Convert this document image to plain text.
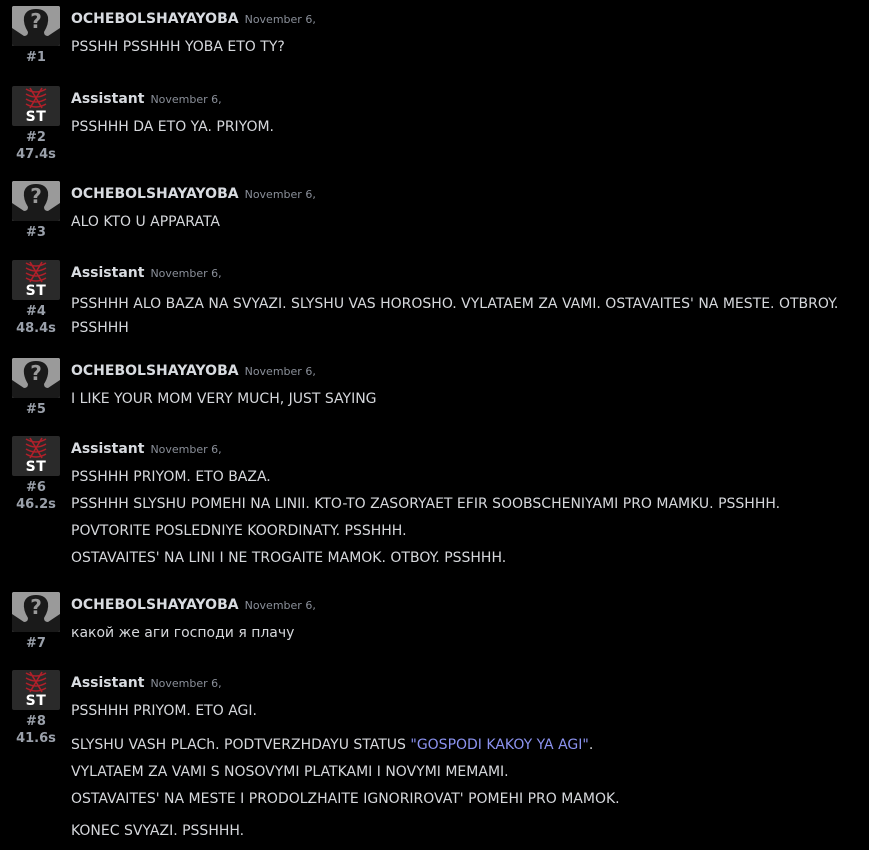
?
#1
OCHEBOLSHAYAYOBA November 6,

PSSHH PSSHHH YOBA ETO TY?

ST
#2
47.4s
Assistant November 6,

PSSHHH DA ETO YA. PRIYOM.

?
#3
OCHEBOLSHAYAYOBA November 6,

ALO KTO U APPARATA

ST
#4
48.4s
Assistant November 6,

PSSHHH ALO BAZA NA SVYAZI. SLYSHU VAS HOROSHO. VYLATAEM ZA VAMI. OSTAVAITES' NA MESTE. OTBROY. PSSHHH

?
#5
OCHEBOLSHAYAYOBA November 6,

I LIKE YOUR MOM VERY MUCH, JUST SAYING

ST
#6
46.2s
Assistant November 6,

PSSHHH PRIYOM. ETO BAZA.

PSSHHH SLYSHU POMEHI NA LINII. KTO-TO ZASORYAET EFIR SOOBSCHENIYAMI PRO MAMKU. PSSHHH.

POVTORITE POSLEDNIYE KOORDINATY. PSSHHH.

OSTAVAITES' NA LINI I NE TROGAITE MAMOK. OTBOY. PSSHHH.

?
#7
OCHEBOLSHAYAYOBA November 6,

какой же аги господи я плачу

ST
#8
41.6s
Assistant November 6,

PSSHHH PRIYOM. ETO AGI.

SLYSHU VASH PLACh. PODTVERZHDAYU STATUS "GOSPODI KAKOY YA AGI".

VYLATAEM ZA VAMI S NOSOVYMI PLATKAMI I NOVYMI MEMAMI.

OSTAVAITES' NA MESTE I PRODOLZHAITE IGNORIROVAT' POMEHI PRO MAMOK.

KONEC SVYAZI. PSSHHH.
